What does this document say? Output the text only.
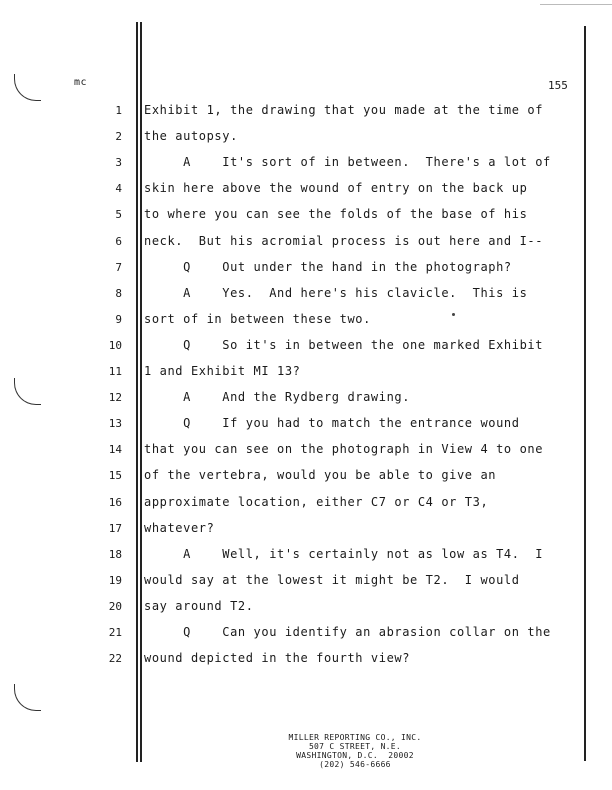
mc	155
1 Exhibit 1, the drawing that you made at the time of
2 the autopsy.
3 A    It's sort of in between.  There's a lot of
4 skin here above the wound of entry on the back up
5 to where you can see the folds of the base of his
6 neck.  But his acromial process is out here and I--
7 Q    Out under the hand in the photograph?
8 A    Yes.  And here's his clavicle.  This is
9 sort of in between these two.
10 Q    So it's in between the one marked Exhibit
11 1 and Exhibit MI 13?
12 A    And the Rydberg drawing.
13 Q    If you had to match the entrance wound
14 that you can see on the photograph in View 4 to one
15 of the vertebra, would you be able to give an
16 approximate location, either C7 or C4 or T3,
17 whatever?
18 A    Well, it's certainly not as low as T4.  I
19 would say at the lowest it might be T2.  I would
20 say around T2.
21 Q    Can you identify an abrasion collar on the
22 wound depicted in the fourth view?
MILLER REPORTING CO., INC.
507 C STREET, N.E.
WASHINGTON, D.C.  20002
(202) 546-6666
